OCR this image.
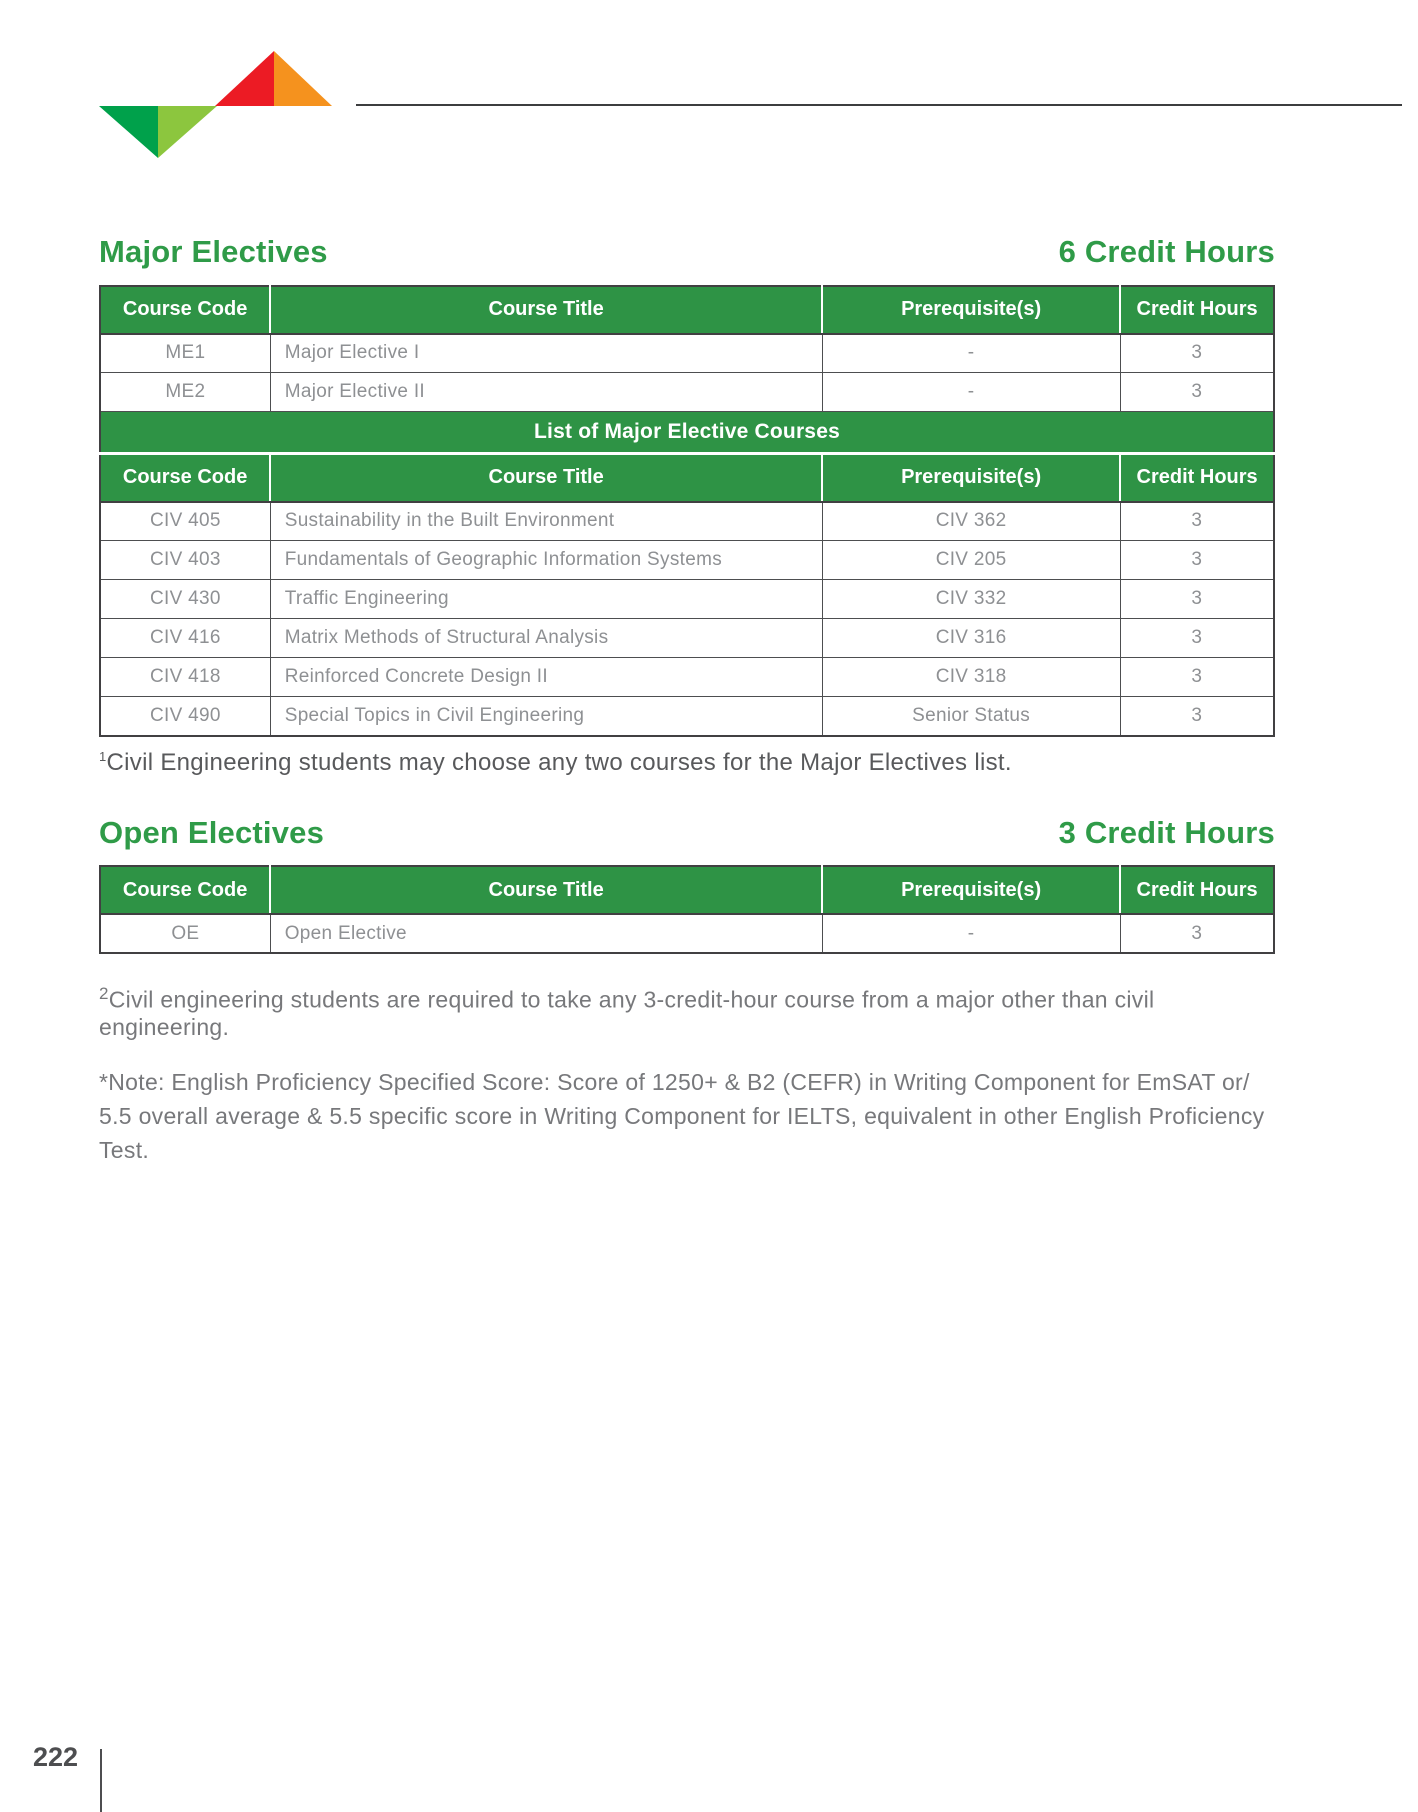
Major Electives	6 Credit Hours
Course Code	Course Title	Prerequisite(s)	Credit Hours
ME1	Major Elective I	-	3
ME2	Major Elective II	-	3
List of Major Elective Courses			
Course Code	Course Title	Prerequisite(s)	Credit Hours
CIV 405	Sustainability in the Built Environment	CIV 362	3
CIV 403	Fundamentals of Geographic Information Systems	CIV 205	3
CIV 430	Traffic Engineering	CIV 332	3
CIV 416	Matrix Methods of Structural Analysis	CIV 316	3
CIV 418	Reinforced Concrete Design II	CIV 318	3
CIV 490	Special Topics in Civil Engineering	Senior Status	3

$^1$Civil Engineering students may choose any two courses for the Major Electives list.

Open Electives	3 Credit Hours
Course Code	Course Title	Prerequisite(s)	Credit Hours
OE	Open Elective	-	3

$^2$Civil engineering students are required to take any 3-credit-hour course from a major other than civil engineering.

*Note: English Proficiency Specified Score: Score of 1250+ & B2 (CEFR) in Writing Component for EmSAT or/ 5.5 overall average & 5.5 specific score in Writing Component for IELTS, equivalent in other English Proficiency Test.

222
